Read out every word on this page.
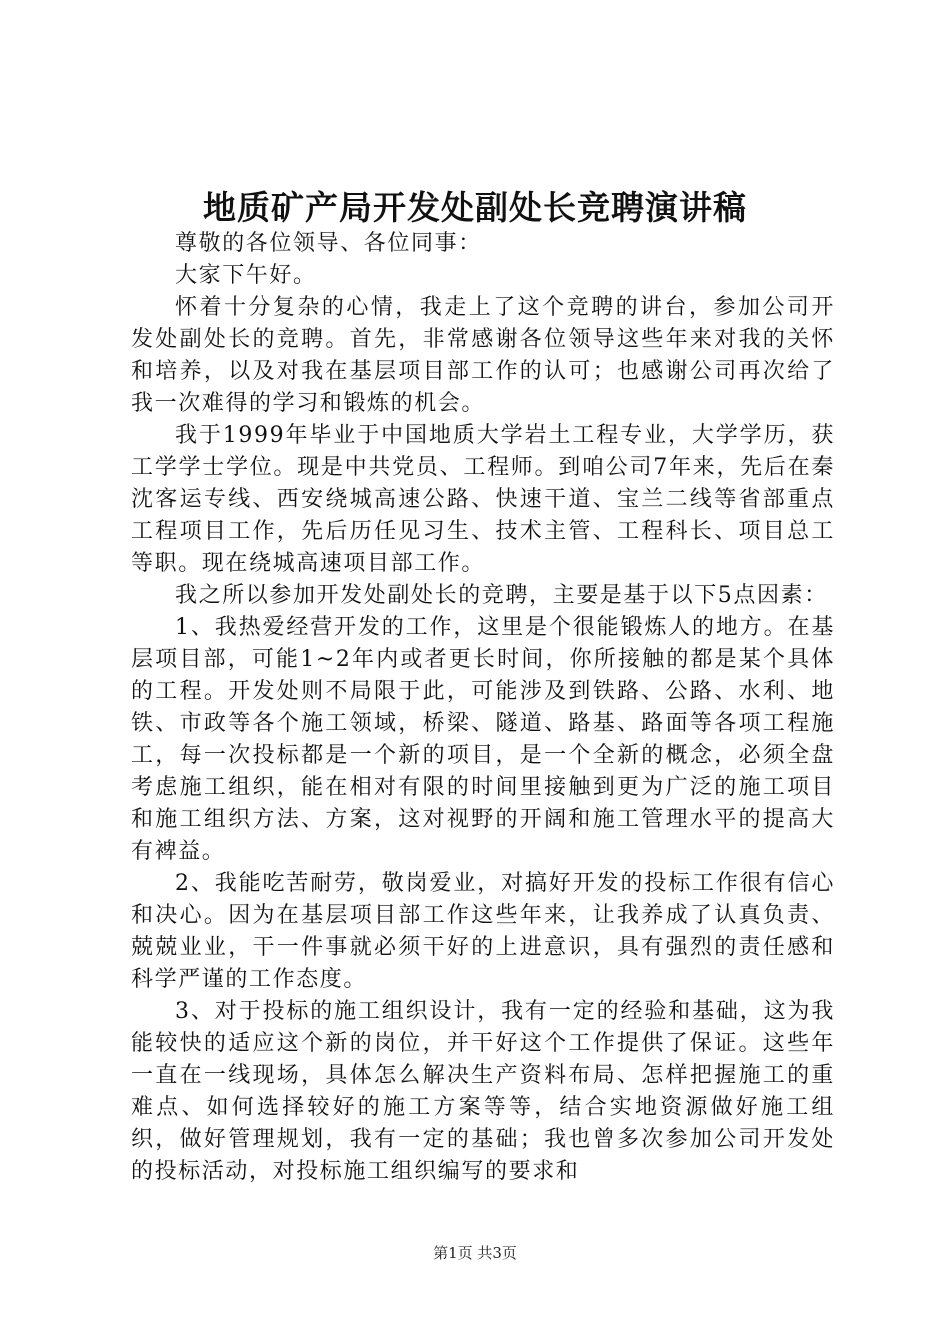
地质矿产局开发处副处长竞聘演讲稿

尊敬的各位领导、各位同事：

大家下午好。

怀着十分复杂的心情，我走上了这个竞聘的讲台，参加公司开发处副处长的竞聘。首先，非常感谢各位领导这些年来对我的关怀和培养，以及对我在基层项目部工作的认可；也感谢公司再次给了我一次难得的学习和锻炼的机会。

我于1999年毕业于中国地质大学岩土工程专业，大学学历，获工学学士学位。现是中共党员、工程师。到咱公司7年来，先后在秦沈客运专线、西安绕城高速公路、快速干道、宝兰二线等省部重点工程项目工作，先后历任见习生、技术主管、工程科长、项目总工等职。现在绕城高速项目部工作。

我之所以参加开发处副处长的竞聘，主要是基于以下5点因素：

1、我热爱经营开发的工作，这里是个很能锻炼人的地方。在基层项目部，可能1~2年内或者更长时间，你所接触的都是某个具体的工程。开发处则不局限于此，可能涉及到铁路、公路、水利、地铁、市政等各个施工领域，桥梁、隧道、路基、路面等各项工程施工，每一次投标都是一个新的项目，是一个全新的概念，必须全盘考虑施工组织，能在相对有限的时间里接触到更为广泛的施工项目和施工组织方法、方案，这对视野的开阔和施工管理水平的提高大有裨益。

2、我能吃苦耐劳，敬岗爱业，对搞好开发的投标工作很有信心和决心。因为在基层项目部工作这些年来，让我养成了认真负责、兢兢业业，干一件事就必须干好的上进意识，具有强烈的责任感和科学严谨的工作态度。

3、对于投标的施工组织设计，我有一定的经验和基础，这为我能较快的适应这个新的岗位，并干好这个工作提供了保证。这些年一直在一线现场，具体怎么解决生产资料布局、怎样把握施工的重难点、如何选择较好的施工方案等等，结合实地资源做好施工组织，做好管理规划，我有一定的基础；我也曾多次参加公司开发处的投标活动，对投标施工组织编写的要求和

第1页 共3页
